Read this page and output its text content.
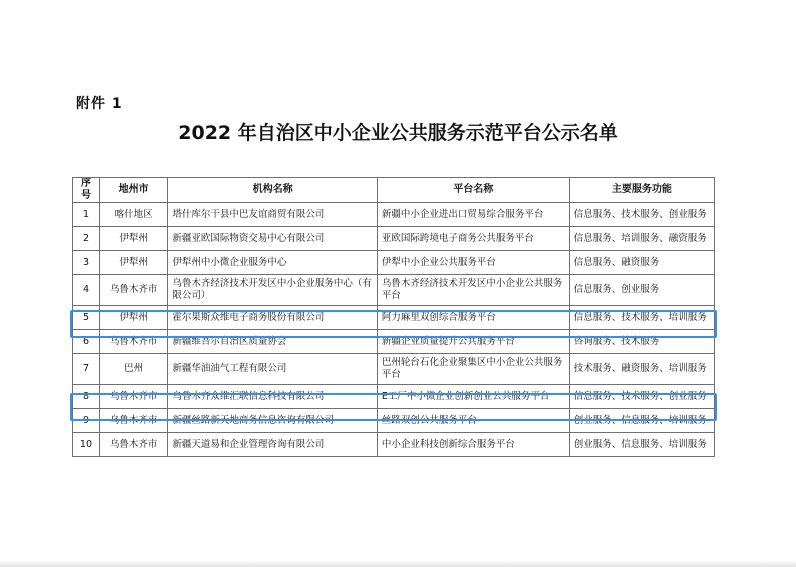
附件 1
2022 年自治区中小企业公共服务示范平台公示名单
序号	地州市	机构名称	平台名称	主要服务功能
1	喀什地区	塔什库尔干县中巴友谊商贸有限公司	新疆中小企业进出口贸易综合服务平台	信息服务、技术服务、创业服务
2	伊犁州	新疆亚欧国际物资交易中心有限公司	亚欧国际跨境电子商务公共服务平台	信息服务、培训服务、融资服务
3	伊犁州	伊犁州中小微企业服务中心	伊犁中小企业公共服务平台	信息服务、融资服务
4	乌鲁木齐市	乌鲁木齐经济技术开发区中小企业服务中心（有限公司）	乌鲁木齐经济技术开发区中小企业公共服务平台	信息服务、创业服务
5	伊犁州	霍尔果斯众维电子商务股份有限公司	阿力麻里双创综合服务平台	信息服务、技术服务、培训服务
6	乌鲁木齐市	新疆维吾尔自治区质量协会	新疆企业质量提升公共服务平台	咨询服务、技术服务
7	巴州	新疆华油油气工程有限公司	巴州轮台石化企业聚集区中小企业公共服务平台	技术服务、融资服务、培训服务
8	乌鲁木齐市	乌鲁木齐众维汇联信息科技有限公司	E工厂中小微企业创新创业公共服务平台	信息服务、技术服务、创业服务
9	乌鲁木齐市	新疆丝路新天地商务信息咨询有限公司	丝路双创公共服务平台	创业服务、信息服务、培训服务
10	乌鲁木齐市	新疆天道易和企业管理咨询有限公司	中小企业科技创新综合服务平台	创业服务、信息服务、培训服务
